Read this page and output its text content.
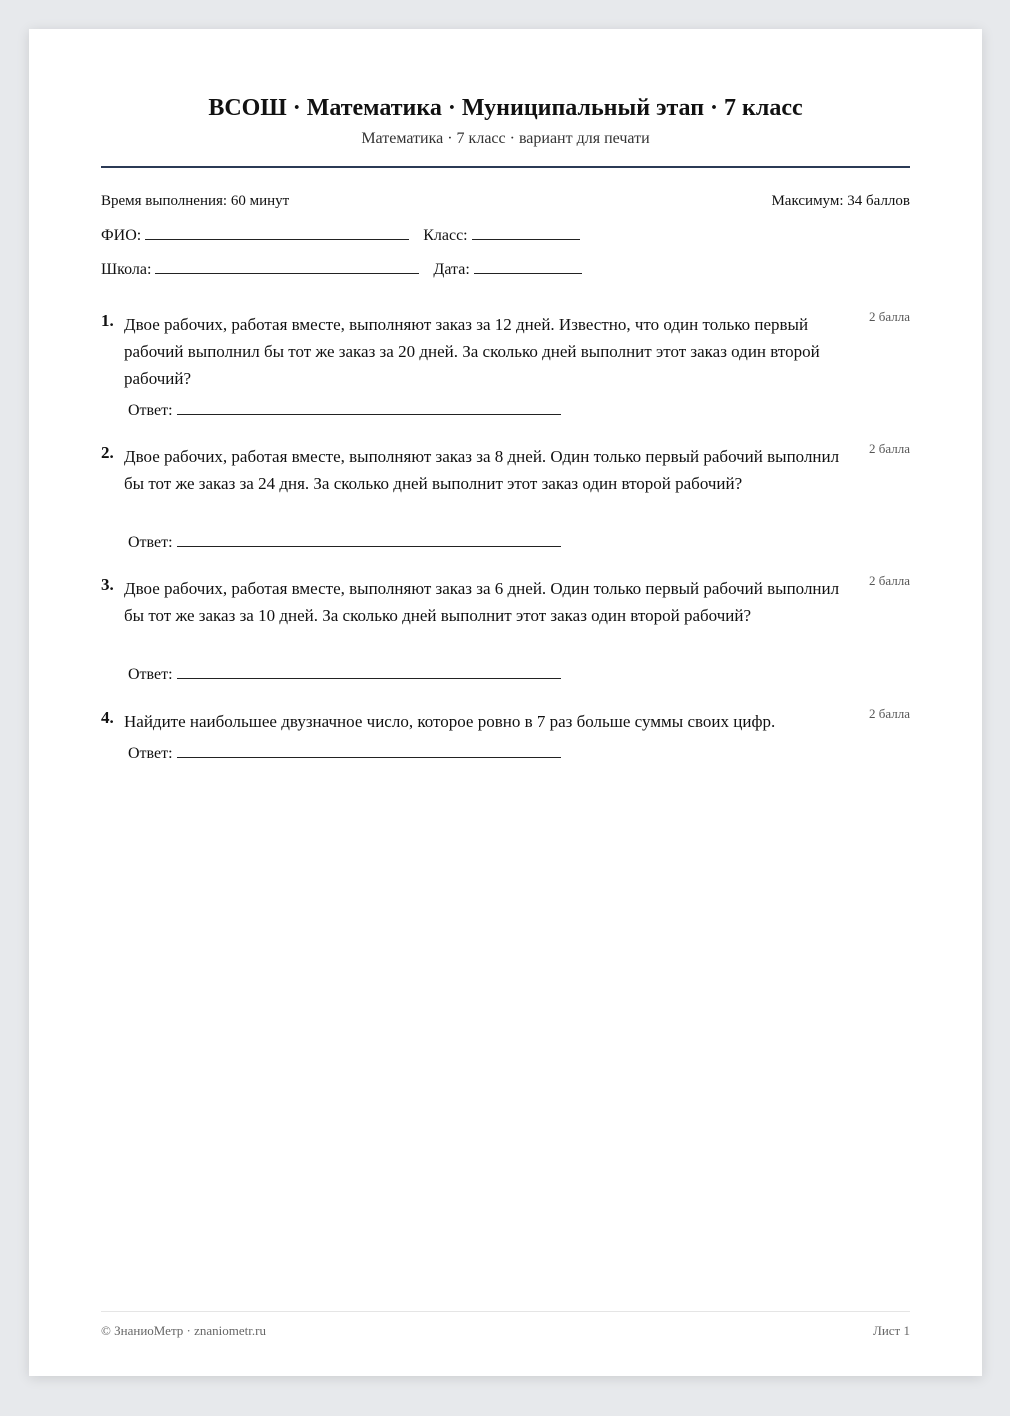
ВСОШ · Математика · Муниципальный этап · 7 класс
Математика · 7 класс · вариант для печати
Время выполнения: 60 минут	Максимум: 34 баллов
ФИО:	Класс:
Школа:	Дата:
1. Двое рабочих, работая вместе, выполняют заказ за 12 дней. Известно, что один только первый рабочий выполнил бы тот же заказ за 20 дней. За сколько дней выполнит этот заказ один второй рабочий?
2 балла
Ответ:
2. Двое рабочих, работая вместе, выполняют заказ за 8 дней. Один только первый рабочий выполнил бы тот же заказ за 24 дня. За сколько дней выполнит этот заказ один второй рабочий?
2 балла
Ответ:
3. Двое рабочих, работая вместе, выполняют заказ за 6 дней. Один только первый рабочий выполнил бы тот же заказ за 10 дней. За сколько дней выполнит этот заказ один второй рабочий?
2 балла
Ответ:
4. Найдите наибольшее двузначное число, которое ровно в 7 раз больше суммы своих цифр.	2 балла
Ответ:
© ЗнаниоМетр · znaniometr.ru	Лист 1
